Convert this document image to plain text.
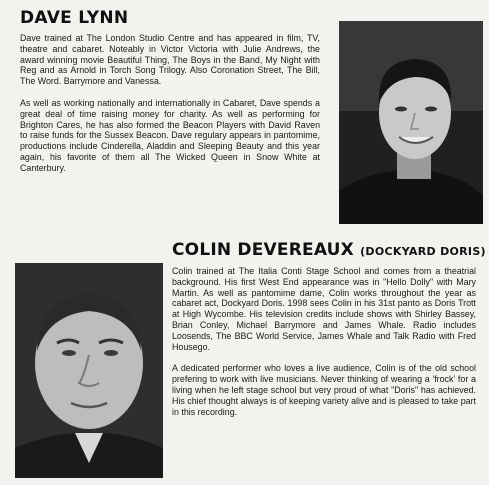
DAVE LYNN

Dave trained at The London Studio Centre and has appeared in film, TV, theatre and cabaret. Noteably in Victor Victoria with Julie Andrews, the award winning movie Beautiful Thing, The Boys in the Band, My Night with Reg and as Arnold in Torch Song Trilogy. Also Coronation Street, The Bill, The Word. Barrymore and Vanessa.

As well as working nationally and internationally in Cabaret, Dave spends a great deal of time raising money for charity. As well as performing for Brighton Cares, he has also formed the Beacon Players with David Raven to raise funds for the Sussex Beacon. Dave regulary appears in pantomime, productions include Cinderella, Aladdin and Sleeping Beauty and this year again, his favorite of them all The Wicked Queen in Snow White at Canterbury.

COLIN DEVEREAUX (DOCKYARD DORIS)

Colin trained at The Italia Conti Stage School and comes from a theatrial background. His first West End appearance was in "Hello Dolly" with Mary Martin. As well as pantomime dame, Colin works throughout the year as cabaret act, Dockyard Doris. 1998 sees Colin in his 31st panto as Doris Trott at High Wycombe. His television credits include shows with Shirley Bassey, Brian Conley, Michael Barrymore and James Whale. Radio includes Loosends, The BBC World Service, James Whale and Talk Radio with Fred Housego.

A dedicated performer who loves a live audience, Colin is of the old school prefering to work with live musicians. Never thinking of wearing a 'frock' for a living when he left stage school but very proud of what "Doris" has achieved. His chief thought always is of keeping variety alive and is pleased to take part in this recording.
